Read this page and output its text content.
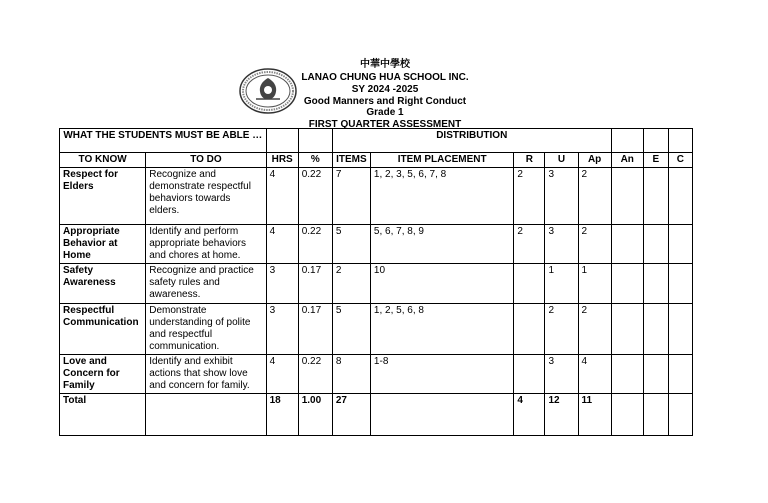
中華中學校
LANAO CHUNG HUA SCHOOL INC.
SY 2024 -2025
Good Manners and Right Conduct
Grade 1
FIRST QUARTER ASSESSMENT
WHAT THE STUDENTS MUST BE ABLE …				DISTRIBUTION							
TO KNOW	TO DO	HRS	%	ITEMS	ITEM PLACEMENT	R	U	Ap	An	E	C
Respect for Elders	Recognize and demonstrate respectful behaviors towards elders.	4	0.22	7	1, 2, 3, 5, 6, 7, 8	2	3	2			
Appropriate Behavior at Home	Identify and perform appropriate behaviors and chores at home.	4	0.22	5	5, 6, 7, 8, 9	2	3	2			
Safety Awareness	Recognize and practice safety rules and awareness.	3	0.17	2	10		1	1			
Respectful Communication	Demonstrate understanding of polite and respectful communication.	3	0.17	5	1, 2, 5, 6, 8		2	2			
Love and Concern for Family	Identify and exhibit actions that show love and concern for family.	4	0.22	8	1-8		3	4			
Total		18	1.00	27		4	12	11			
